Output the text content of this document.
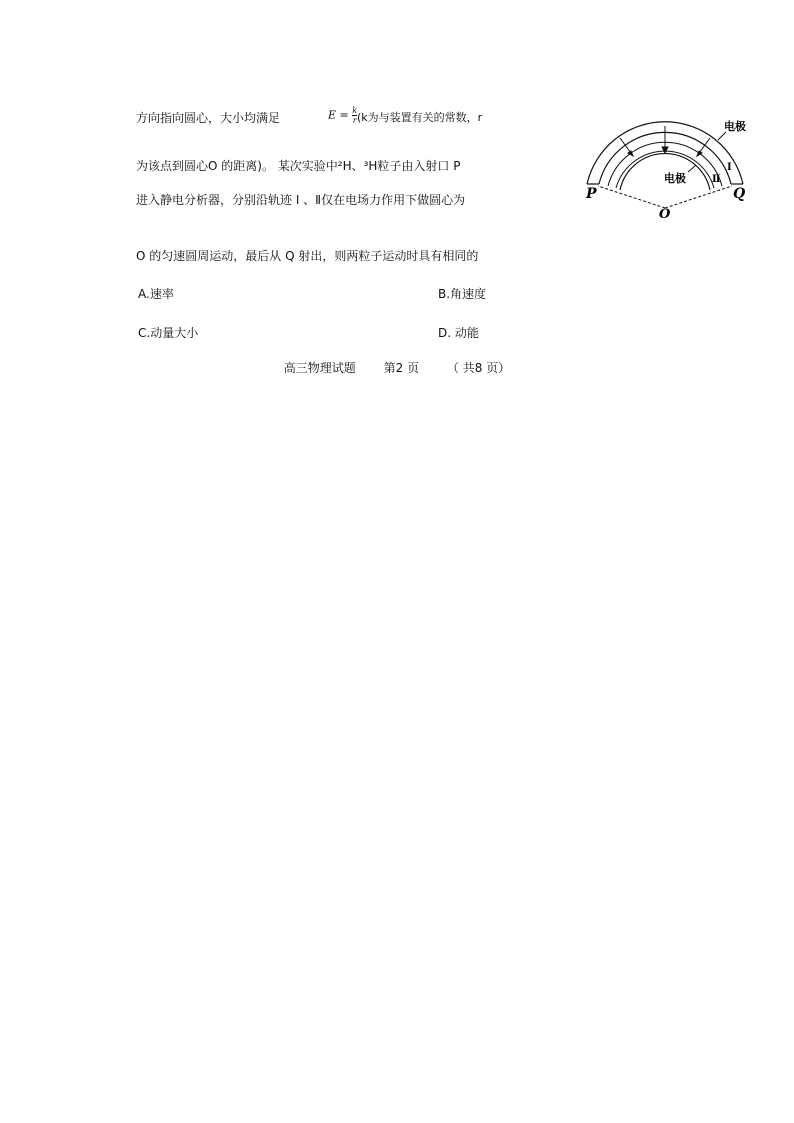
方向指向圆心，大小均满足	$E = \frac{k}{r} (k$为与装置有关的常数，r
为该点到圆心O 的距离)。 某次实验中²H、³H粒子由入射口 P
进入静电分析器，分别沿轨迹 Ⅰ 、Ⅱ仅在电场力作用下做圆心为
O 的匀速圆周运动，最后从 Q 射出，则两粒子运动时具有相同的
A.速率	B.角速度
C.动量大小	D. 动能
电极
电极
Ⅰ
Ⅱ
P	Q
O
高三物理试题 第2 页 （ 共8 页）
